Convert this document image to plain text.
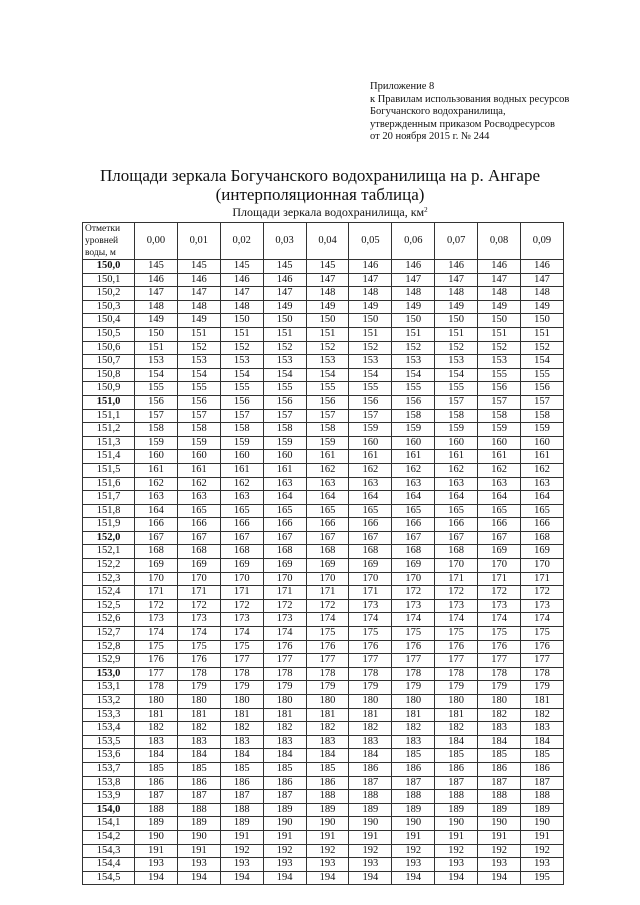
Приложение 8
к Правилам использования водных ресурсов
Богучанского водохранилища,
утвержденным приказом Росводресурсов
от 20 ноября 2015 г. № 244
Площади зеркала Богучанского водохранилища на р. Ангаре
(интерполяционная таблица)
Площади зеркала водохранилища, $км^2$
Отметки
уровней
воды, м	0,00	0,01	0,02	0,03	0,04	0,05	0,06	0,07	0,08	0,09
150,0	145	145	145	145	145	146	146	146	146	146
150,1	146	146	146	146	147	147	147	147	147	147
150,2	147	147	147	147	148	148	148	148	148	148
150,3	148	148	148	149	149	149	149	149	149	149
150,4	149	149	150	150	150	150	150	150	150	150
150,5	150	151	151	151	151	151	151	151	151	151
150,6	151	152	152	152	152	152	152	152	152	152
150,7	153	153	153	153	153	153	153	153	153	154
150,8	154	154	154	154	154	154	154	154	155	155
150,9	155	155	155	155	155	155	155	155	156	156
151,0	156	156	156	156	156	156	156	157	157	157
151,1	157	157	157	157	157	157	158	158	158	158
151,2	158	158	158	158	158	159	159	159	159	159
151,3	159	159	159	159	159	160	160	160	160	160
151,4	160	160	160	160	161	161	161	161	161	161
151,5	161	161	161	161	162	162	162	162	162	162
151,6	162	162	162	163	163	163	163	163	163	163
151,7	163	163	163	164	164	164	164	164	164	164
151,8	164	165	165	165	165	165	165	165	165	165
151,9	166	166	166	166	166	166	166	166	166	166
152,0	167	167	167	167	167	167	167	167	167	168
152,1	168	168	168	168	168	168	168	168	169	169
152,2	169	169	169	169	169	169	169	170	170	170
152,3	170	170	170	170	170	170	170	171	171	171
152,4	171	171	171	171	171	171	172	172	172	172
152,5	172	172	172	172	172	173	173	173	173	173
152,6	173	173	173	173	174	174	174	174	174	174
152,7	174	174	174	174	175	175	175	175	175	175
152,8	175	175	175	176	176	176	176	176	176	176
152,9	176	176	177	177	177	177	177	177	177	177
153,0	177	178	178	178	178	178	178	178	178	178
153,1	178	179	179	179	179	179	179	179	179	179
153,2	180	180	180	180	180	180	180	180	180	181
153,3	181	181	181	181	181	181	181	181	182	182
153,4	182	182	182	182	182	182	182	182	183	183
153,5	183	183	183	183	183	183	183	184	184	184
153,6	184	184	184	184	184	184	185	185	185	185
153,7	185	185	185	185	185	186	186	186	186	186
153,8	186	186	186	186	186	187	187	187	187	187
153,9	187	187	187	187	188	188	188	188	188	188
154,0	188	188	188	189	189	189	189	189	189	189
154,1	189	189	189	190	190	190	190	190	190	190
154,2	190	190	191	191	191	191	191	191	191	191
154,3	191	191	192	192	192	192	192	192	192	192
154,4	193	193	193	193	193	193	193	193	193	193
154,5	194	194	194	194	194	194	194	194	194	195
